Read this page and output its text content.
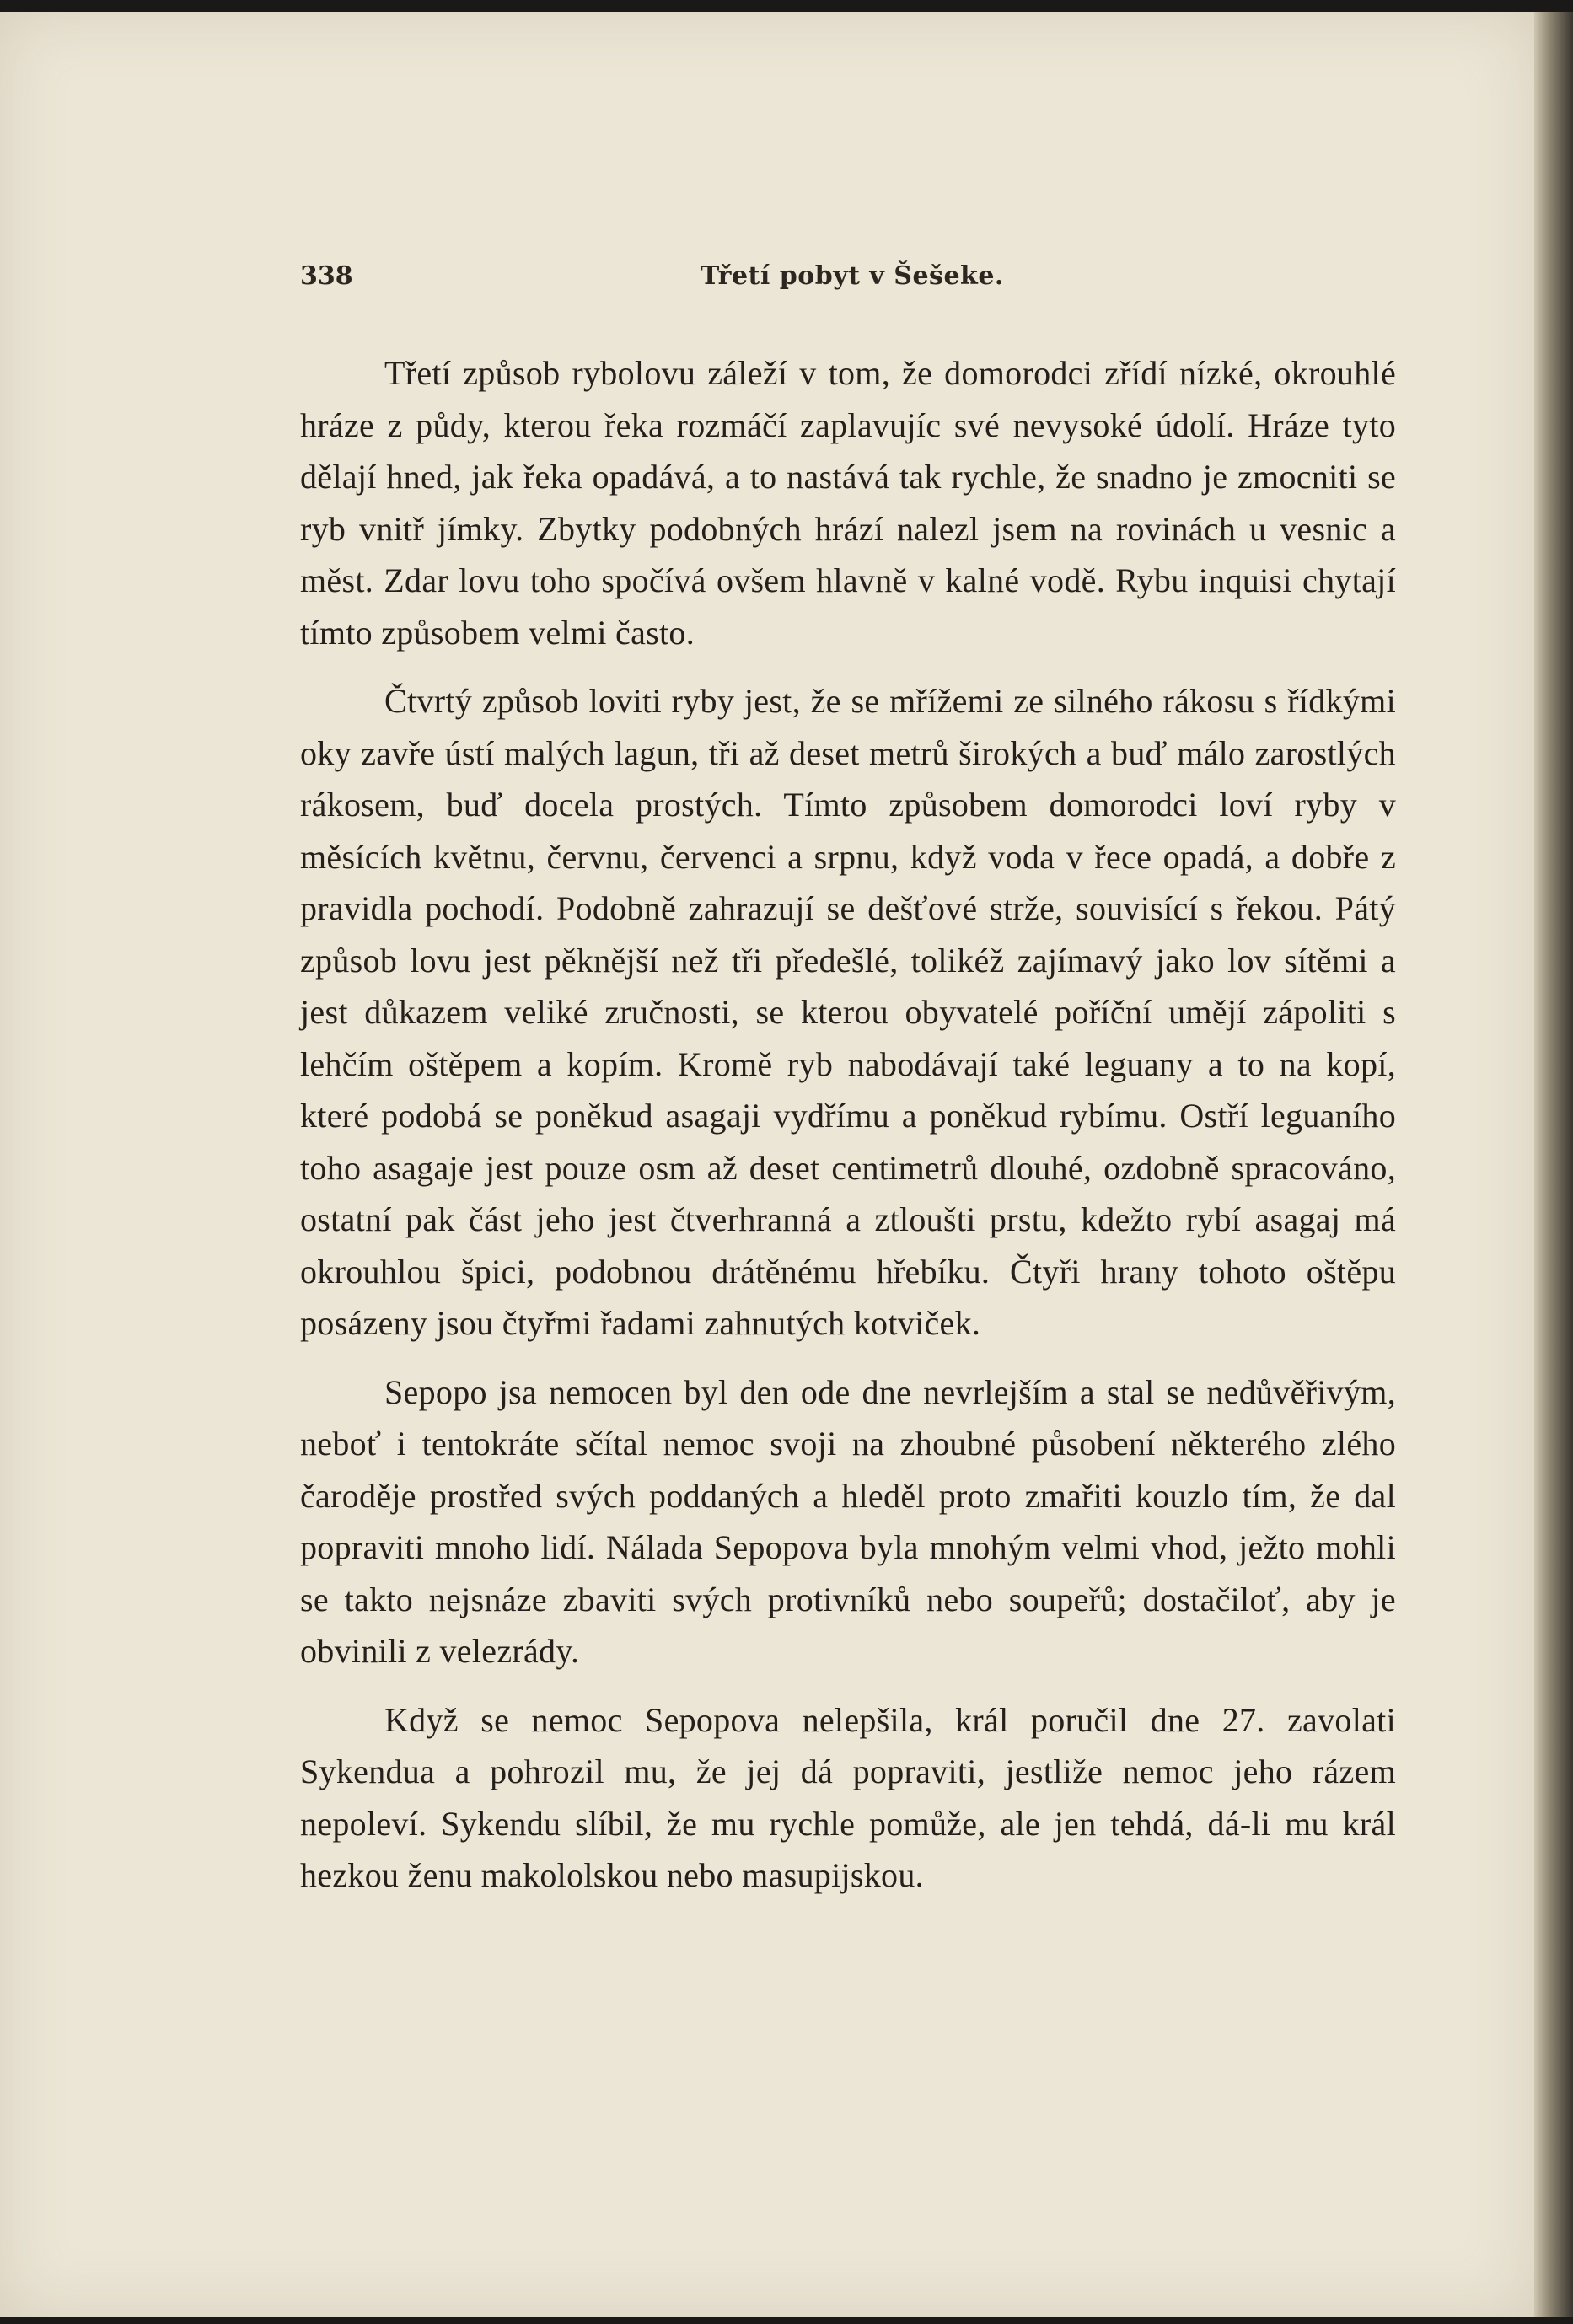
338	Třetí pobyt v Šešeke.

Třetí způsob rybolovu záleží v tom, že domorodci zřídí nízké, okrouhlé hráze z půdy, kterou řeka rozmáčí zaplavujíc své nevysoké údolí. Hráze tyto dělají hned, jak řeka opadává, a to nastává tak rychle, že snadno je zmocniti se ryb vnitř jímky. Zbytky podobných hrází nalezl jsem na rovinách u vesnic a měst. Zdar lovu toho spočívá ovšem hlavně v kalné vodě. Rybu inquisi chytají tímto způsobem velmi často.

Čtvrtý způsob loviti ryby jest, že se mřížemi ze silného rákosu s řídkými oky zavře ústí malých lagun, tři až deset metrů širokých a buď málo zarostlých rákosem, buď docela prostých. Tímto způsobem domorodci loví ryby v měsících květnu, červnu, červenci a srpnu, když voda v řece opadá, a dobře z pravidla pochodí. Podobně zahrazují se dešťové strže, souvisící s řekou. Pátý způsob lovu jest pěknější než tři předešlé, tolikéž zajímavý jako lov sítěmi a jest důkazem veliké zručnosti, se kterou obyvatelé poříční umějí zápoliti s lehčím oštěpem a kopím. Kromě ryb nabodávají také leguany a to na kopí, které podobá se poněkud asagaji vydřímu a poněkud rybímu. Ostří leguaního toho asagaje jest pouze osm až deset centimetrů dlouhé, ozdobně spracováno, ostatní pak část jeho jest čtverhranná a ztloušti prstu, kdežto rybí asagaj má okrouhlou špici, podobnou drátěnému hřebíku. Čtyři hrany tohoto oštěpu posázeny jsou čtyřmi řadami zahnutých kotviček.

Sepopo jsa nemocen byl den ode dne nevrlejším a stal se nedůvěřivým, neboť i tentokráte sčítal nemoc svoji na zhoubné působení některého zlého čaroděje prostřed svých poddaných a hleděl proto zmařiti kouzlo tím, že dal popraviti mnoho lidí. Nálada Sepopova byla mnohým velmi vhod, ježto mohli se takto nejsnáze zbaviti svých protivníků nebo soupeřů; dostačiloť, aby je obvinili z velezrády.

Když se nemoc Sepopova nelepšila, král poručil dne 27. zavolati Sykendua a pohrozil mu, že jej dá popraviti, jestliže nemoc jeho rázem nepoleví. Sykendu slíbil, že mu rychle pomůže, ale jen tehdá, dá-li mu král hezkou ženu makololskou nebo masupijskou.
